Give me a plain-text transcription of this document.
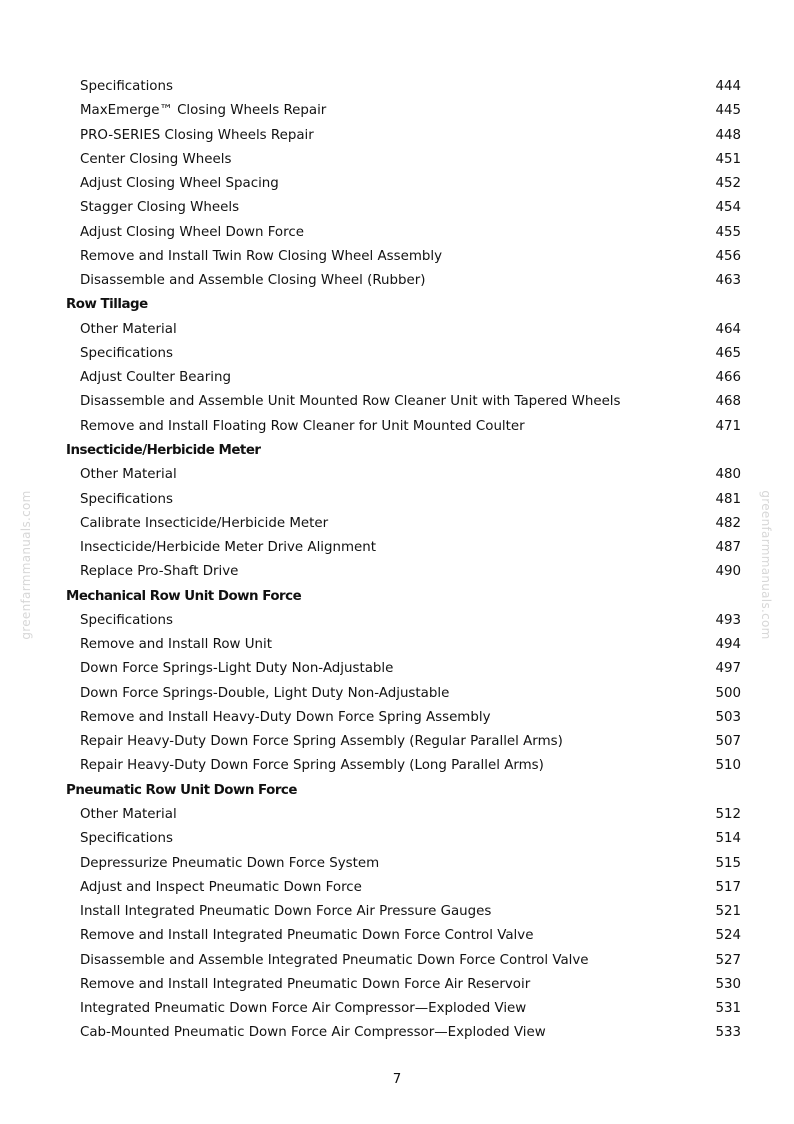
greenfarmmanuals.com	greenfarmmanuals.com
Specifications	444
MaxEmerge™ Closing Wheels Repair	445
PRO-SERIES Closing Wheels Repair	448
Center Closing Wheels	451
Adjust Closing Wheel Spacing	452
Stagger Closing Wheels	454
Adjust Closing Wheel Down Force	455
Remove and Install Twin Row Closing Wheel Assembly	456
Disassemble and Assemble Closing Wheel (Rubber)	463
Row Tillage
Other Material	464
Specifications	465
Adjust Coulter Bearing	466
Disassemble and Assemble Unit Mounted Row Cleaner Unit with Tapered Wheels	468
Remove and Install Floating Row Cleaner for Unit Mounted Coulter	471
Insecticide/Herbicide Meter
Other Material	480
Specifications	481
Calibrate Insecticide/Herbicide Meter	482
Insecticide/Herbicide Meter Drive Alignment	487
Replace Pro-Shaft Drive	490
Mechanical Row Unit Down Force
Specifications	493
Remove and Install Row Unit	494
Down Force Springs-Light Duty Non-Adjustable	497
Down Force Springs-Double, Light Duty Non-Adjustable	500
Remove and Install Heavy-Duty Down Force Spring Assembly	503
Repair Heavy-Duty Down Force Spring Assembly (Regular Parallel Arms)	507
Repair Heavy-Duty Down Force Spring Assembly (Long Parallel Arms)	510
Pneumatic Row Unit Down Force
Other Material	512
Specifications	514
Depressurize Pneumatic Down Force System	515
Adjust and Inspect Pneumatic Down Force	517
Install Integrated Pneumatic Down Force Air Pressure Gauges	521
Remove and Install Integrated Pneumatic Down Force Control Valve	524
Disassemble and Assemble Integrated Pneumatic Down Force Control Valve	527
Remove and Install Integrated Pneumatic Down Force Air Reservoir	530
Integrated Pneumatic Down Force Air Compressor—Exploded View	531
Cab-Mounted Pneumatic Down Force Air Compressor—Exploded View	533
7
